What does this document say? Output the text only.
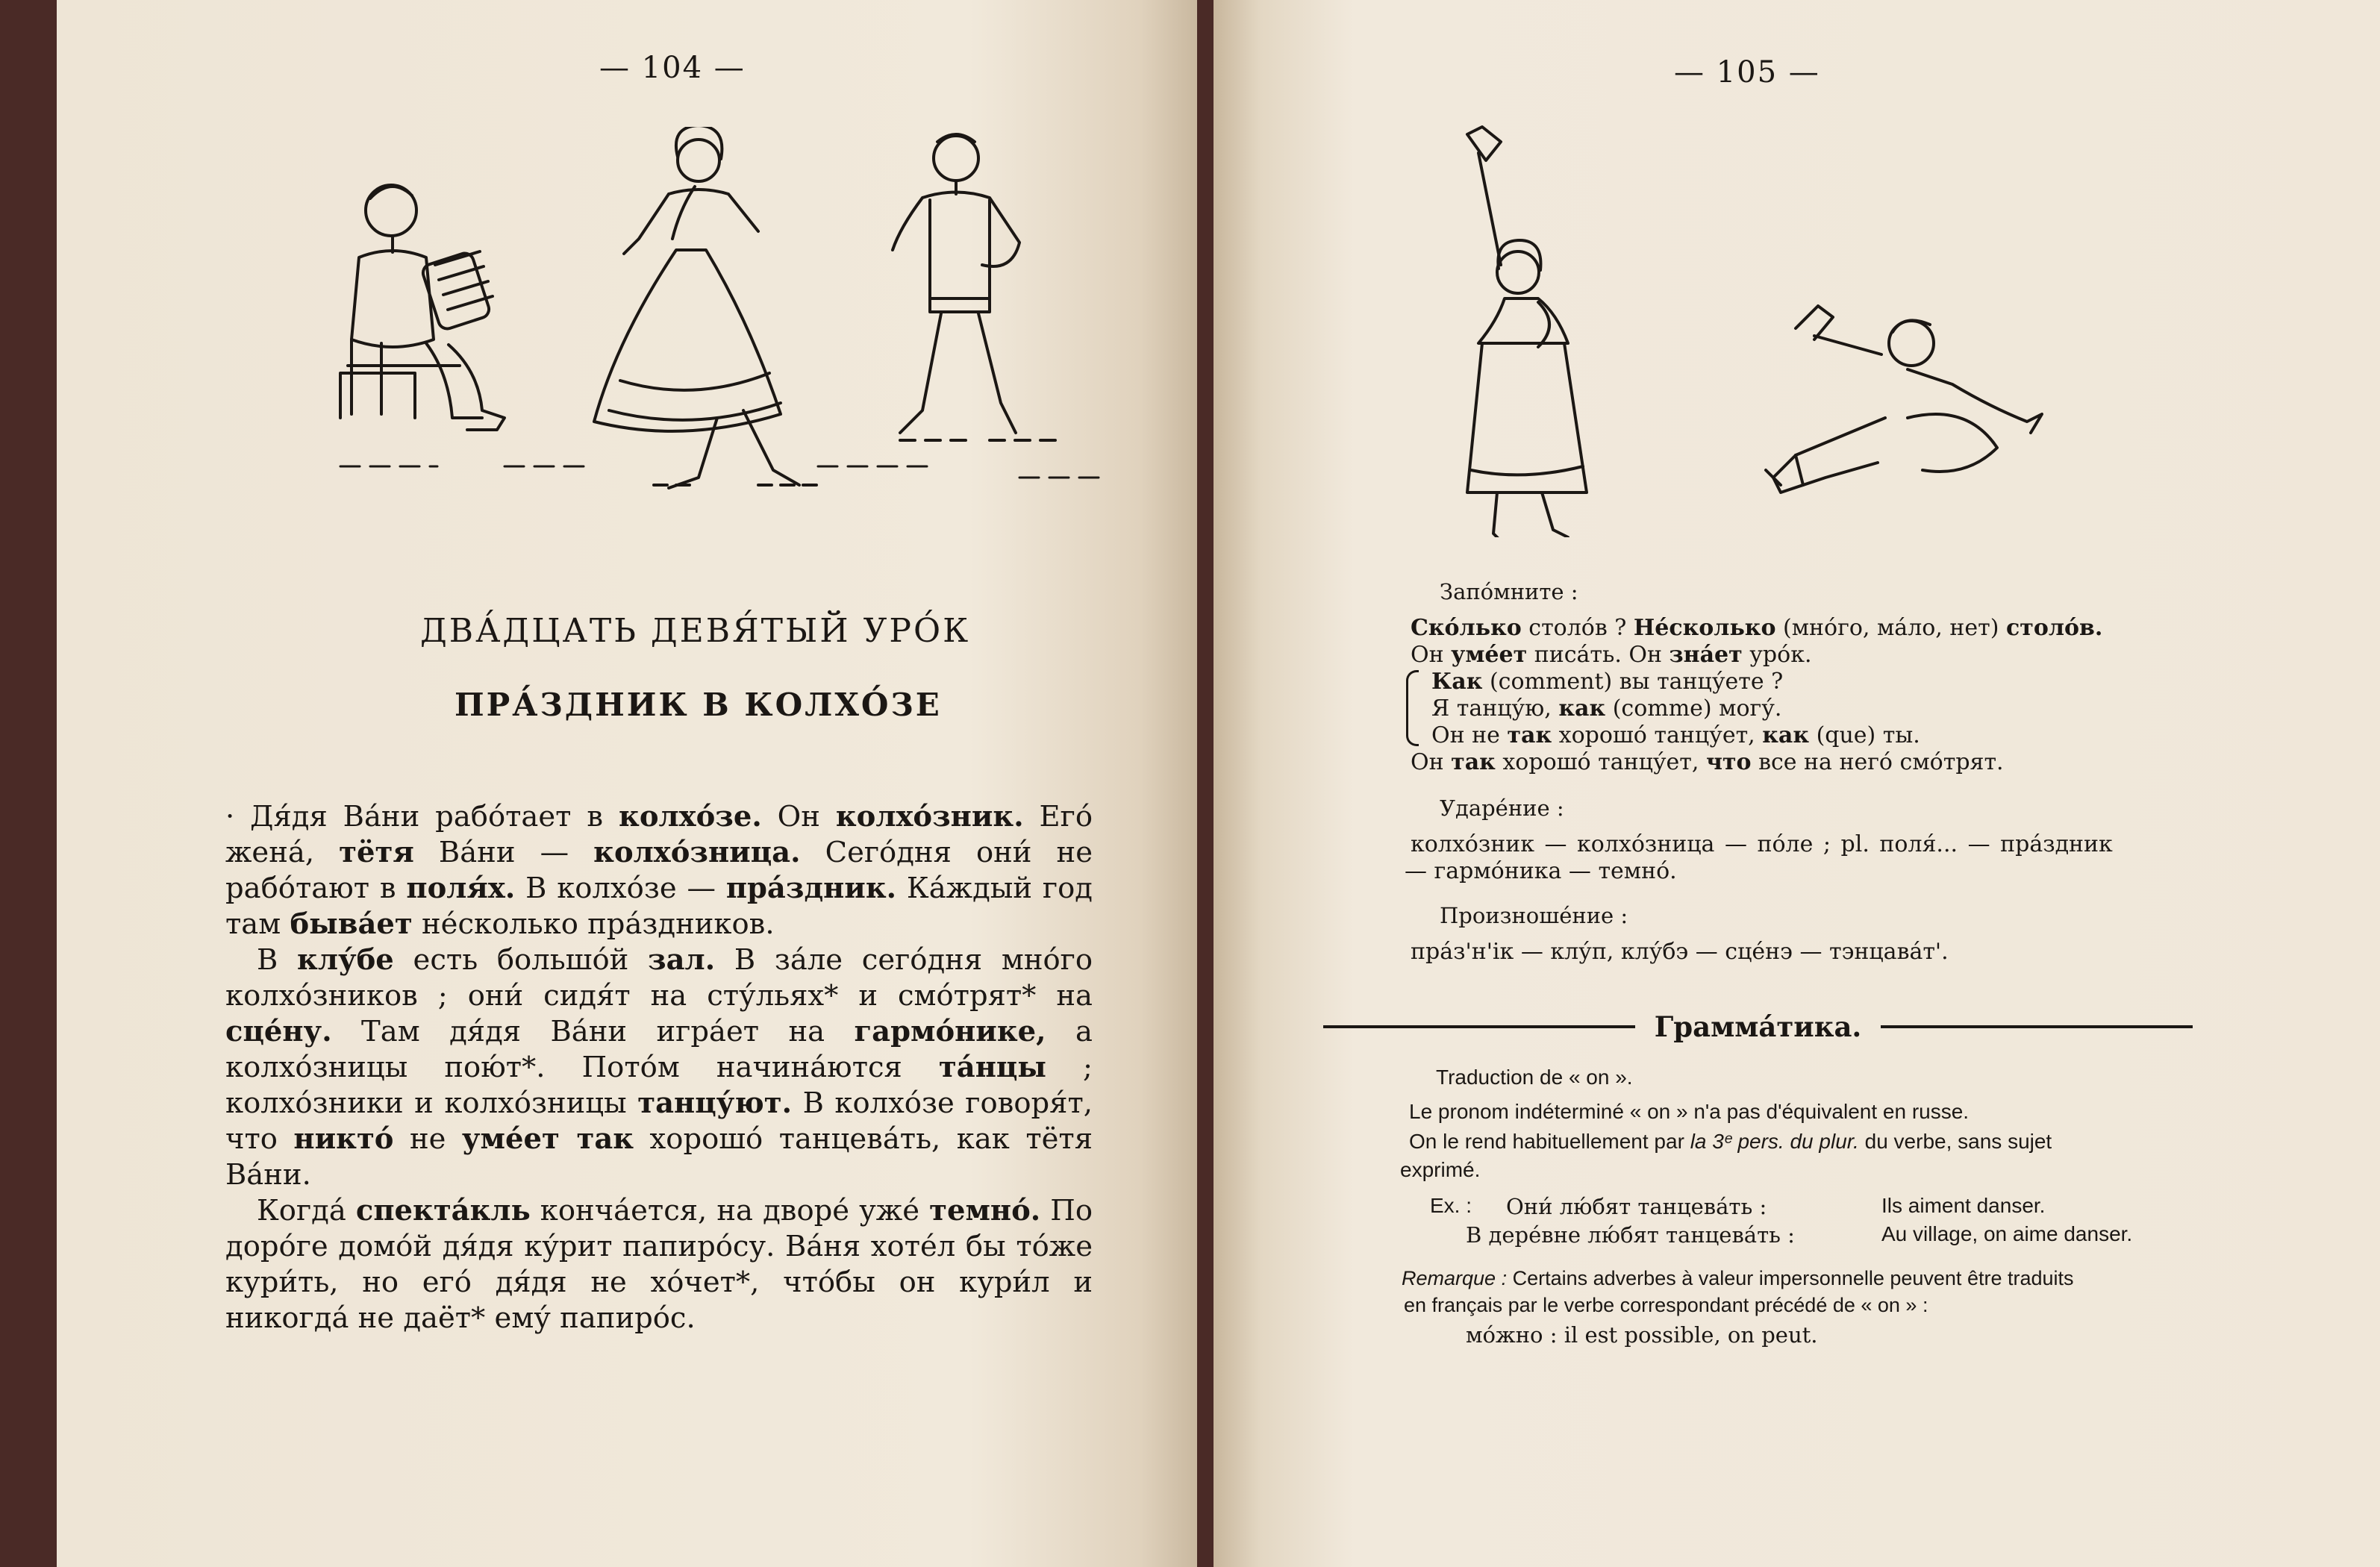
— 104 —
ДВА́ДЦАТЬ ДЕВЯ́ТЫЙ УРО́К
ПРА́ЗДНИК В КОЛХО́ЗЕ

· Дя́дя Ва́ни рабо́тает в колхо́зе. Он колхо́зник. Его́ жена́, тётя Ва́ни — колхо́зница. Сего́дня они́ не рабо́тают в поля́х. В колхо́зе — пра́здник. Ка́ждый год там быва́ет не́сколько пра́здников.

В клу́бе есть большо́й зал. В за́ле сего́дня мно́го колхо́зников ; они́ сидя́т на сту́льях* и смо́трят* на сце́ну. Там дя́дя Ва́ни игра́ет на гармо́нике, а колхо́зницы пою́т*. Пото́м начина́ются та́нцы ; колхо́зники и колхо́зницы танцу́ют. В колхо́зе говоря́т, что никто́ не уме́ет так хорошо́ танцева́ть, как тётя Ва́ни.

Когда́ спекта́кль конча́ется, на дворе́ уже́ темно́. По доро́ге домо́й дя́дя ку́рит папиро́су. Ва́ня хоте́л бы то́же кури́ть, но его́ дя́дя не хо́чет*, что́бы он кури́л и никогда́ не даёт* ему́ папиро́с.

— 105 —
Запо́мните :
Ско́лько столо́в ? Не́сколько (мно́го, ма́ло, нет) столо́в.
Он уме́ет писа́ть. Он зна́ет уро́к.
Как (comment) вы танцу́ете ?
Я танцу́ю, как (comme) могу́.
Он не так хорошо́ танцу́ет, как (que) ты.
Он так хорошо́ танцу́ет, что все на него́ смо́трят.
Ударе́ние :
колхо́зник — колхо́зница — по́ле ; pl. поля́... — пра́здник
— гармо́ника — темно́.
Произноше́ние :
пра́з'н'ік — клу́п, клу́бэ — сце́нэ — тэнцава́т'.
Грамма́тика.
Traduction de « on ».
Le pronom indéterminé « on » n'a pas d'équivalent en russe.
On le rend habituellement par la 3ᵉ pers. du plur. du verbe, sans sujet
exprimé.
Ex. : Они́ лю́бят танцева́ть :	Ils aiment danser.
В дере́вне лю́бят танцева́ть :	Au village, on aime danser.
Remarque : Certains adverbes à valeur impersonnelle peuvent être traduits
en français par le verbe correspondant précédé de « on » :
мо́жно : il est possible, on peut.
